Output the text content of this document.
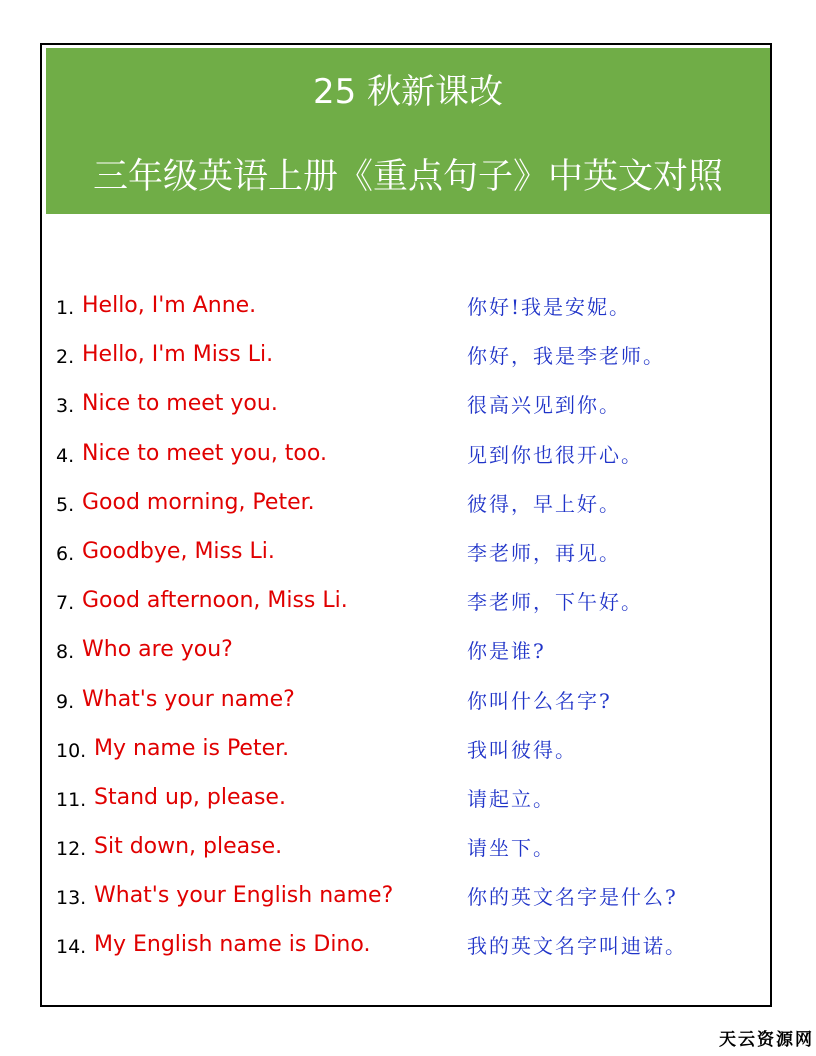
25 秋新课改
三年级英语上册《重点句子》中英文对照
1. Hello, I'm Anne.	你好!我是安妮。
2. Hello, I'm Miss Li.	你好，我是李老师。
3. Nice to meet you.	很高兴见到你。
4. Nice to meet you, too.	见到你也很开心。
5. Good morning, Peter.	彼得，早上好。
6. Goodbye, Miss Li.	李老师，再见。
7. Good afternoon, Miss Li.	李老师，下午好。
8. Who are you?	你是谁?
9. What's your name?	你叫什么名字?
10. My name is Peter.	我叫彼得。
11. Stand up, please.	请起立。
12. Sit down, please.	请坐下。
13. What's your English name?	你的英文名字是什么?
14. My English name is Dino.	我的英文名字叫迪诺。
天云资源网
